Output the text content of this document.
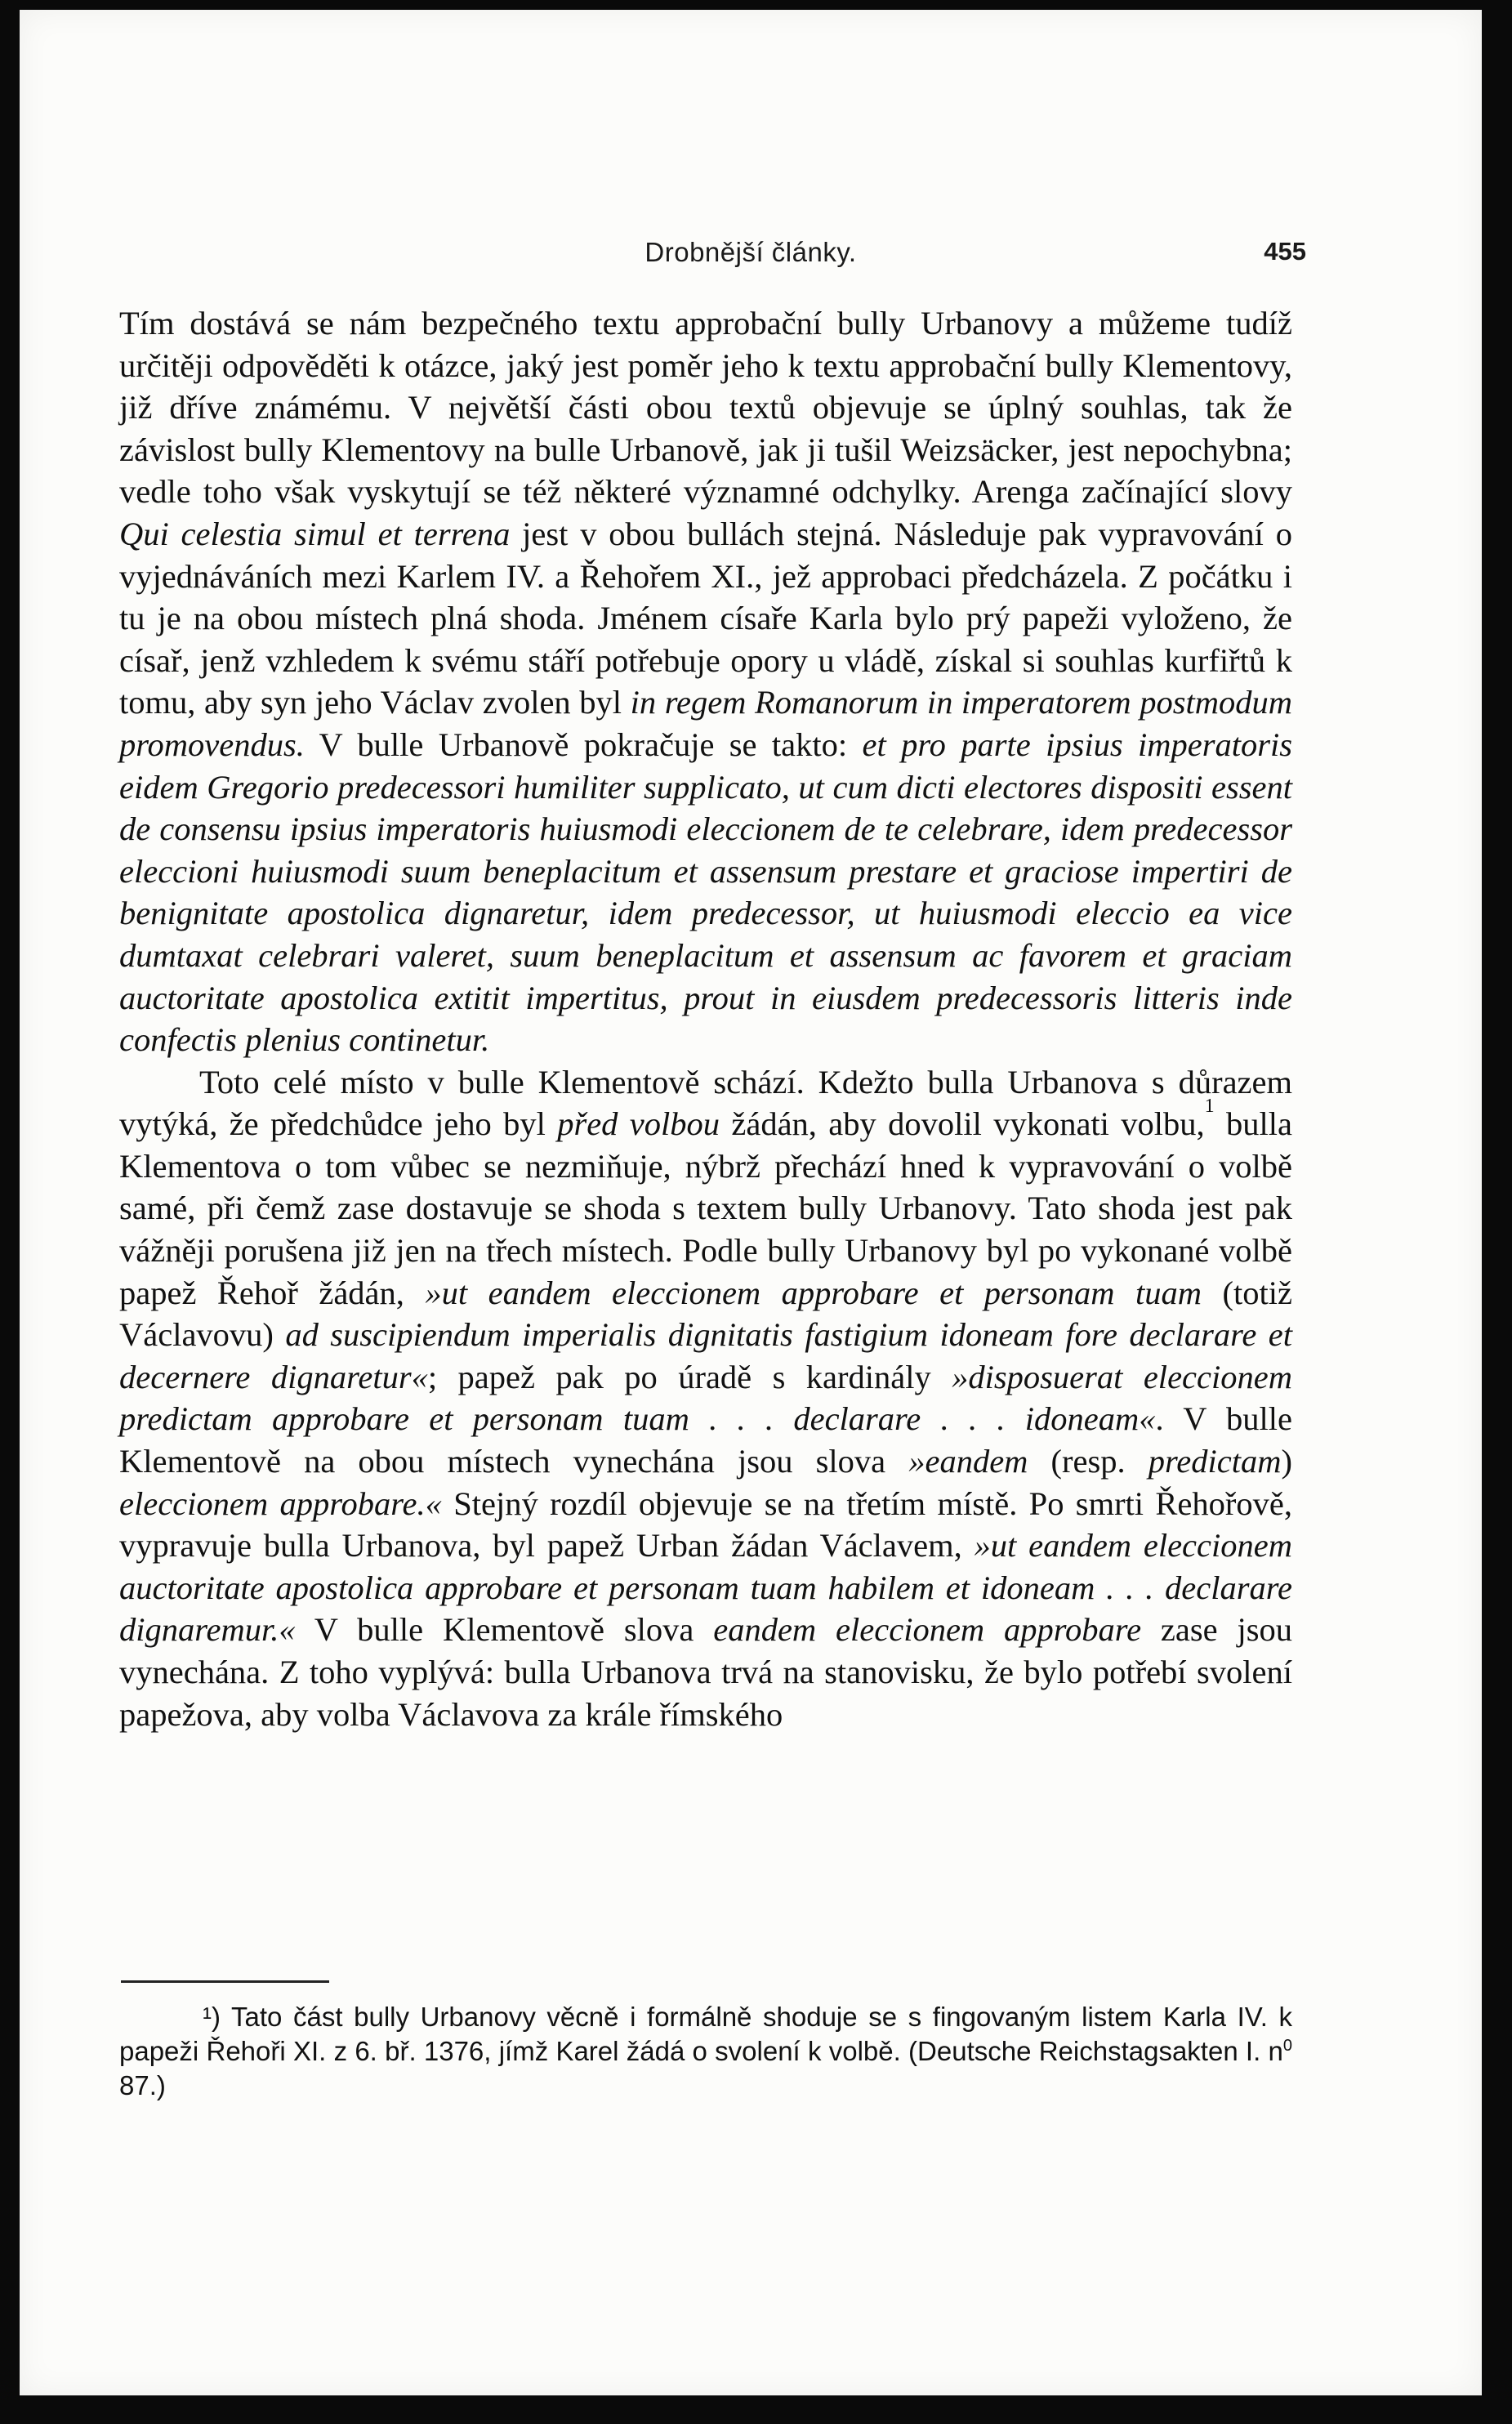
Drobnější články.	455

Tím dostává se nám bezpečného textu approbační bully Urbanovy a můžeme tudíž určitěji odpověděti k otázce, jaký jest poměr jeho k textu approbační bully Klementovy, již dříve známému. V největší části obou textů objevuje se úplný souhlas, tak že závislost bully Klementovy na bulle Urbanově, jak ji tušil Weizsäcker, jest nepochybna; vedle toho však vyskytují se též některé významné odchylky. Arenga začínající slovy Qui celestia simul et terrena jest v obou bullách stejná. Následuje pak vypravování o vyjednáváních mezi Karlem IV. a Řehořem XI., jež approbaci předcházela. Z počátku i tu je na obou místech plná shoda. Jménem císaře Karla bylo prý papeži vyloženo, že císař, jenž vzhledem k svému stáří potřebuje opory u vládě, získal si souhlas kurfiřtů k tomu, aby syn jeho Václav zvolen byl in regem Romanorum in imperatorem postmodum promovendus. V bulle Urbanově pokračuje se takto: et pro parte ipsius imperatoris eidem Gregorio predecessori humiliter supplicato, ut cum dicti electores dispositi essent de consensu ipsius imperatoris huiusmodi eleccionem de te celebrare, idem predecessor eleccioni huiusmodi suum beneplacitum et assensum prestare et graciose impertiri de benignitate apostolica dignaretur, idem predecessor, ut huiusmodi eleccio ea vice dumtaxat celebrari valeret, suum beneplacitum et assensum ac favorem et graciam auctoritate apostolica extitit impertitus, prout in eiusdem predecessoris litteris inde confectis plenius continetur.

Toto celé místo v bulle Klementově schází. Kdežto bulla Urbanova s důrazem vytýká, že předchůdce jeho byl před volbou žádán, aby dovolil vykonati volbu,$^1$ bulla Klementova o tom vůbec se nezmiňuje, nýbrž přechází hned k vypravování o volbě samé, při čemž zase dostavuje se shoda s textem bully Urbanovy. Tato shoda jest pak vážněji porušena již jen na třech místech. Podle bully Urbanovy byl po vykonané volbě papež Řehoř žádán, »ut eandem eleccionem approbare et personam tuam (totiž Václavovu) ad suscipiendum imperialis dignitatis fastigium idoneam fore declarare et decernere dignaretur«; papež pak po úradě s kardinály »disposuerat eleccionem predictam approbare et personam tuam . . . declarare . . . idoneam«. V bulle Klementově na obou místech vynechána jsou slova »eandem (resp. predictam) eleccionem approbare.« Stejný rozdíl objevuje se na třetím místě. Po smrti Řehořově, vypravuje bulla Urbanova, byl papež Urban žádan Václavem, »ut eandem eleccionem auctoritate apostolica approbare et personam tuam habilem et idoneam . . . declarare dignaremur.« V bulle Klementově slova eandem eleccionem approbare zase jsou vynechána. Z toho vyplývá: bulla Urbanova trvá na stanovisku, že bylo potřebí svolení papežova, aby volba Václavova za krále římského

¹) Tato část bully Urbanovy věcně i formálně shoduje se s fingovaným listem Karla IV. k papeži Řehoři XI. z 6. bř. 1376, jímž Karel žádá o svolení k volbě. (Deutsche Reichstagsakten I. $n^0$ 87.)
